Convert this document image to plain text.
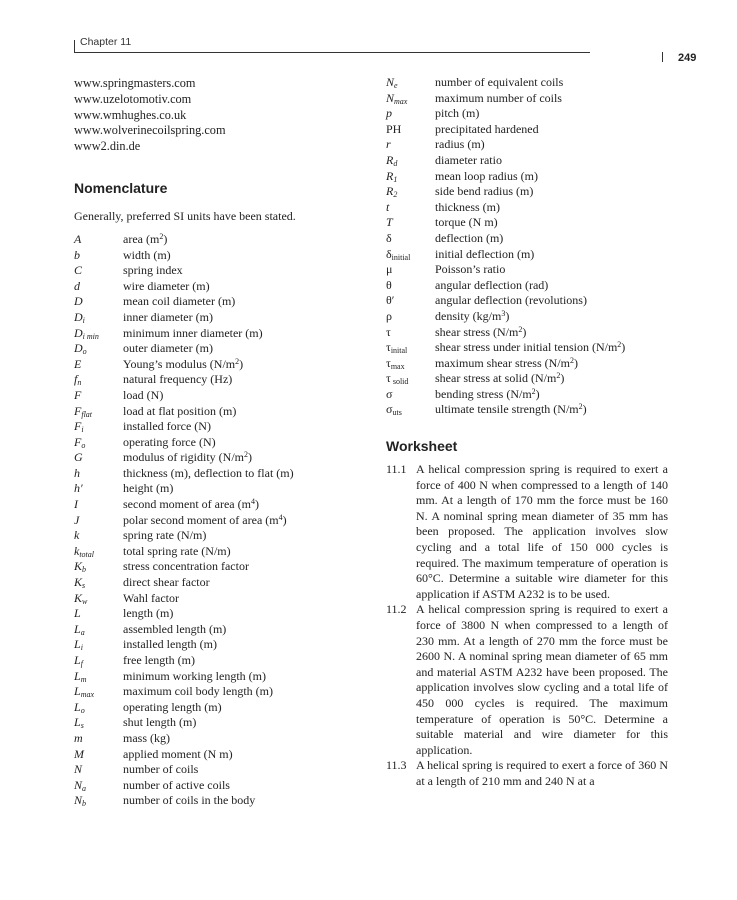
Chapter 11
249
www.springmasters.com
www.uzelotomotiv.com
www.wmhughes.co.uk
www.wolverinecoilspring.com
www2.din.de
Nomenclature
Generally, preferred SI units have been stated.
A	area $(m^2)$
b	width (m)
C	spring index
d	wire diameter (m)
D	mean coil diameter (m)
$D_i$	inner diameter (m)
$D_{i min}$	minimum inner diameter (m)
$D_o$	outer diameter (m)
E	Young’s modulus $(N/m^2)$
$f_n$	natural frequency (Hz)
F	load (N)
$F_{flat}$	load at flat position (m)
$F_i$	installed force (N)
$F_o$	operating force (N)
G	modulus of rigidity $(N/m^2)$
h	thickness (m), deflection to flat (m)
h′	height (m)
I	second moment of area $(m^4)$
J	polar second moment of area $(m^4)$
k	spring rate (N/m)
$k_{total}$	total spring rate (N/m)
$K_b$	stress concentration factor
$K_s$	direct shear factor
$K_w$	Wahl factor
L	length (m)
$L_a$	assembled length (m)
$L_i$	installed length (m)
$L_f$	free length (m)
$L_m$	minimum working length (m)
$L_{max}$	maximum coil body length (m)
$L_o$	operating length (m)
$L_s$	shut length (m)
m	mass (kg)
M	applied moment (N m)
N	number of coils
$N_a$	number of active coils
$N_b$	number of coils in the body
$N_e$	number of equivalent coils
$N_{max}$	maximum number of coils
p	pitch (m)
PH	precipitated hardened
r	radius (m)
$R_d$	diameter ratio
$R_1$	mean loop radius (m)
$R_2$	side bend radius (m)
t	thickness (m)
T	torque (N m)
δ	deflection (m)
$\delta_{initial}$	initial deflection (m)
μ	Poisson’s ratio
θ	angular deflection (rad)
θ′	angular deflection (revolutions)
ρ	density $(kg/m^3)$
τ	shear stress $(N/m^2)$
$\tau_{inital}$	shear stress under initial tension $(N/m^2)$
$\tau_{max}$	maximum shear stress $(N/m^2)$
τ $_{solid}$	shear stress at solid $(N/m^2)$
σ	bending stress $(N/m^2)$
$\sigma_{uts}$	ultimate tensile strength $(N/m^2)$
Worksheet
11.1 A helical compression spring is required to exert a force of 400 N when compressed to a length of 140 mm. At a length of 170 mm the force must be 160 N. A nominal spring mean diameter of 35 mm has been proposed. The application involves slow cycling and a total life of 150 000 cycles is required. The maximum temperature of operation is 60°C. Determine a suitable wire diameter for this application if ASTM A232 is to be used.
11.2 A helical compression spring is required to exert a force of 3800 N when compressed to a length of 230 mm. At a length of 270 mm the force must be 2600 N. A nominal spring mean diameter of 65 mm and material ASTM A232 have been proposed. The application involves slow cycling and a total life of 450 000 cycles is required. The maximum temperature of operation is 50°C. Determine a suitable material and wire diameter for this application.
11.3 A helical spring is required to exert a force of 360 N at a length of 210 mm and 240 N at a
